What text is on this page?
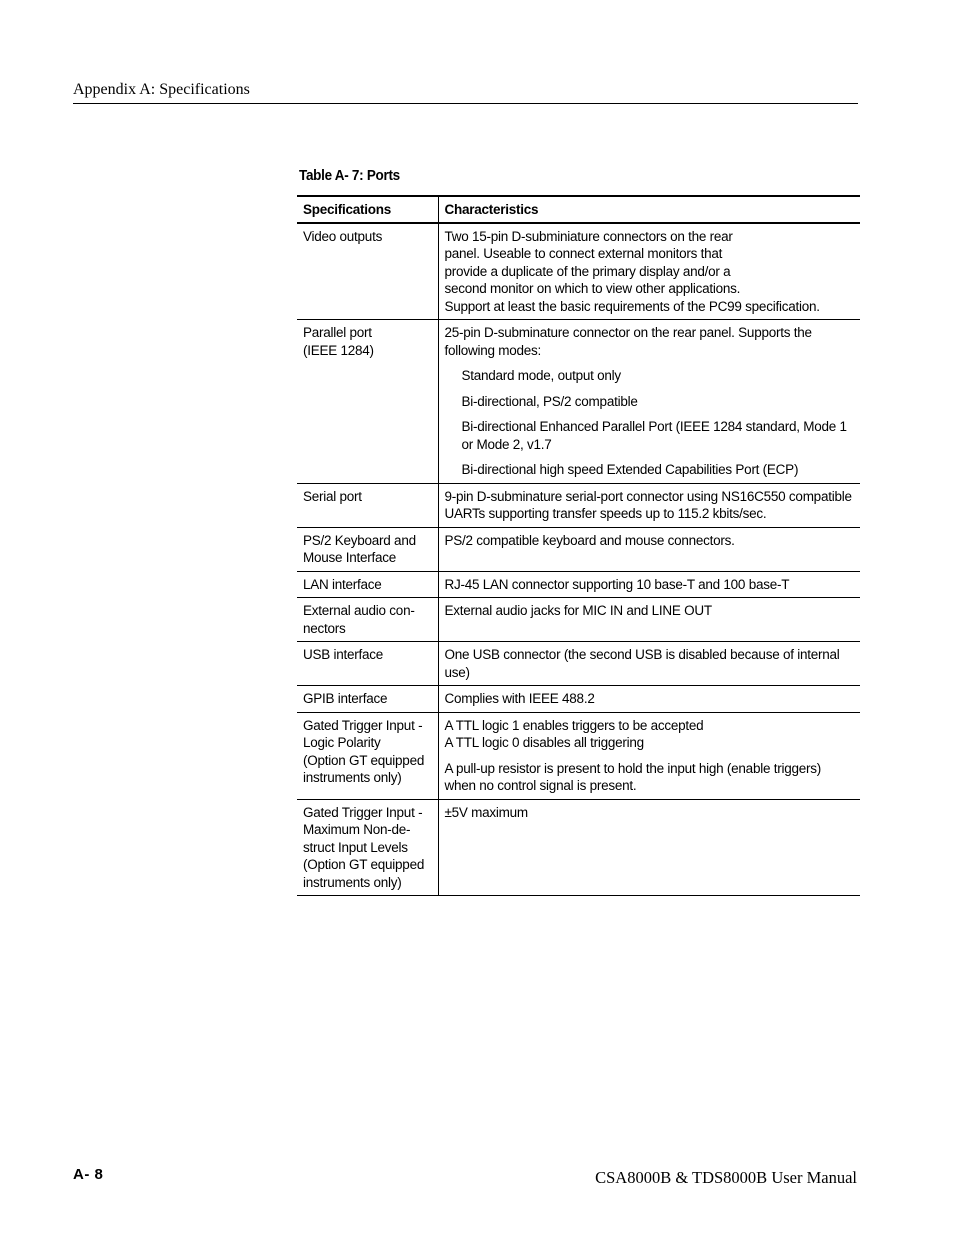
Appendix A: Specifications
Table A- 7: Ports
Specifications	Characteristics

Video outputs	Two 15-pin D-subminiature connectors on the rear
panel. Useable to connect external monitors that
provide a duplicate of the primary display and/or a
second monitor on which to view other applications.
Support at least the basic requirements of the PC99 specification.

Parallel port
(IEEE 1284)	25-pin D-subminature connector on the rear panel. Supports the following modes:
Standard mode, output only
Bi-directional, PS/2 compatible
Bi-directional Enhanced Parallel Port (IEEE 1284 standard, Mode 1 or Mode 2, v1.7
Bi-directional high speed Extended Capabilities Port (ECP)

Serial port	9-pin D-subminature serial-port connector using NS16C550 compatible UARTs supporting transfer speeds up to 115.2 kbits/sec.

PS/2 Keyboard and
Mouse Interface	PS/2 compatible keyboard and mouse connectors.

LAN interface	RJ-45 LAN connector supporting 10 base-T and 100 base-T

External audio con-
nectors	External audio jacks for MIC IN and LINE OUT

USB interface	One USB connector (the second USB is disabled because of internal use)

GPIB interface	Complies with IEEE 488.2

Gated Trigger Input -
Logic Polarity
(Option GT equipped
instruments only)	A TTL logic 1 enables triggers to be accepted
A TTL logic 0 disables all triggering
A pull-up resistor is present to hold the input high (enable triggers) when no control signal is present.

Gated Trigger Input -
Maximum Non-de-
struct Input Levels
(Option GT equipped
instruments only)	±5V maximum
A- 8	CSA8000B & TDS8000B User Manual
